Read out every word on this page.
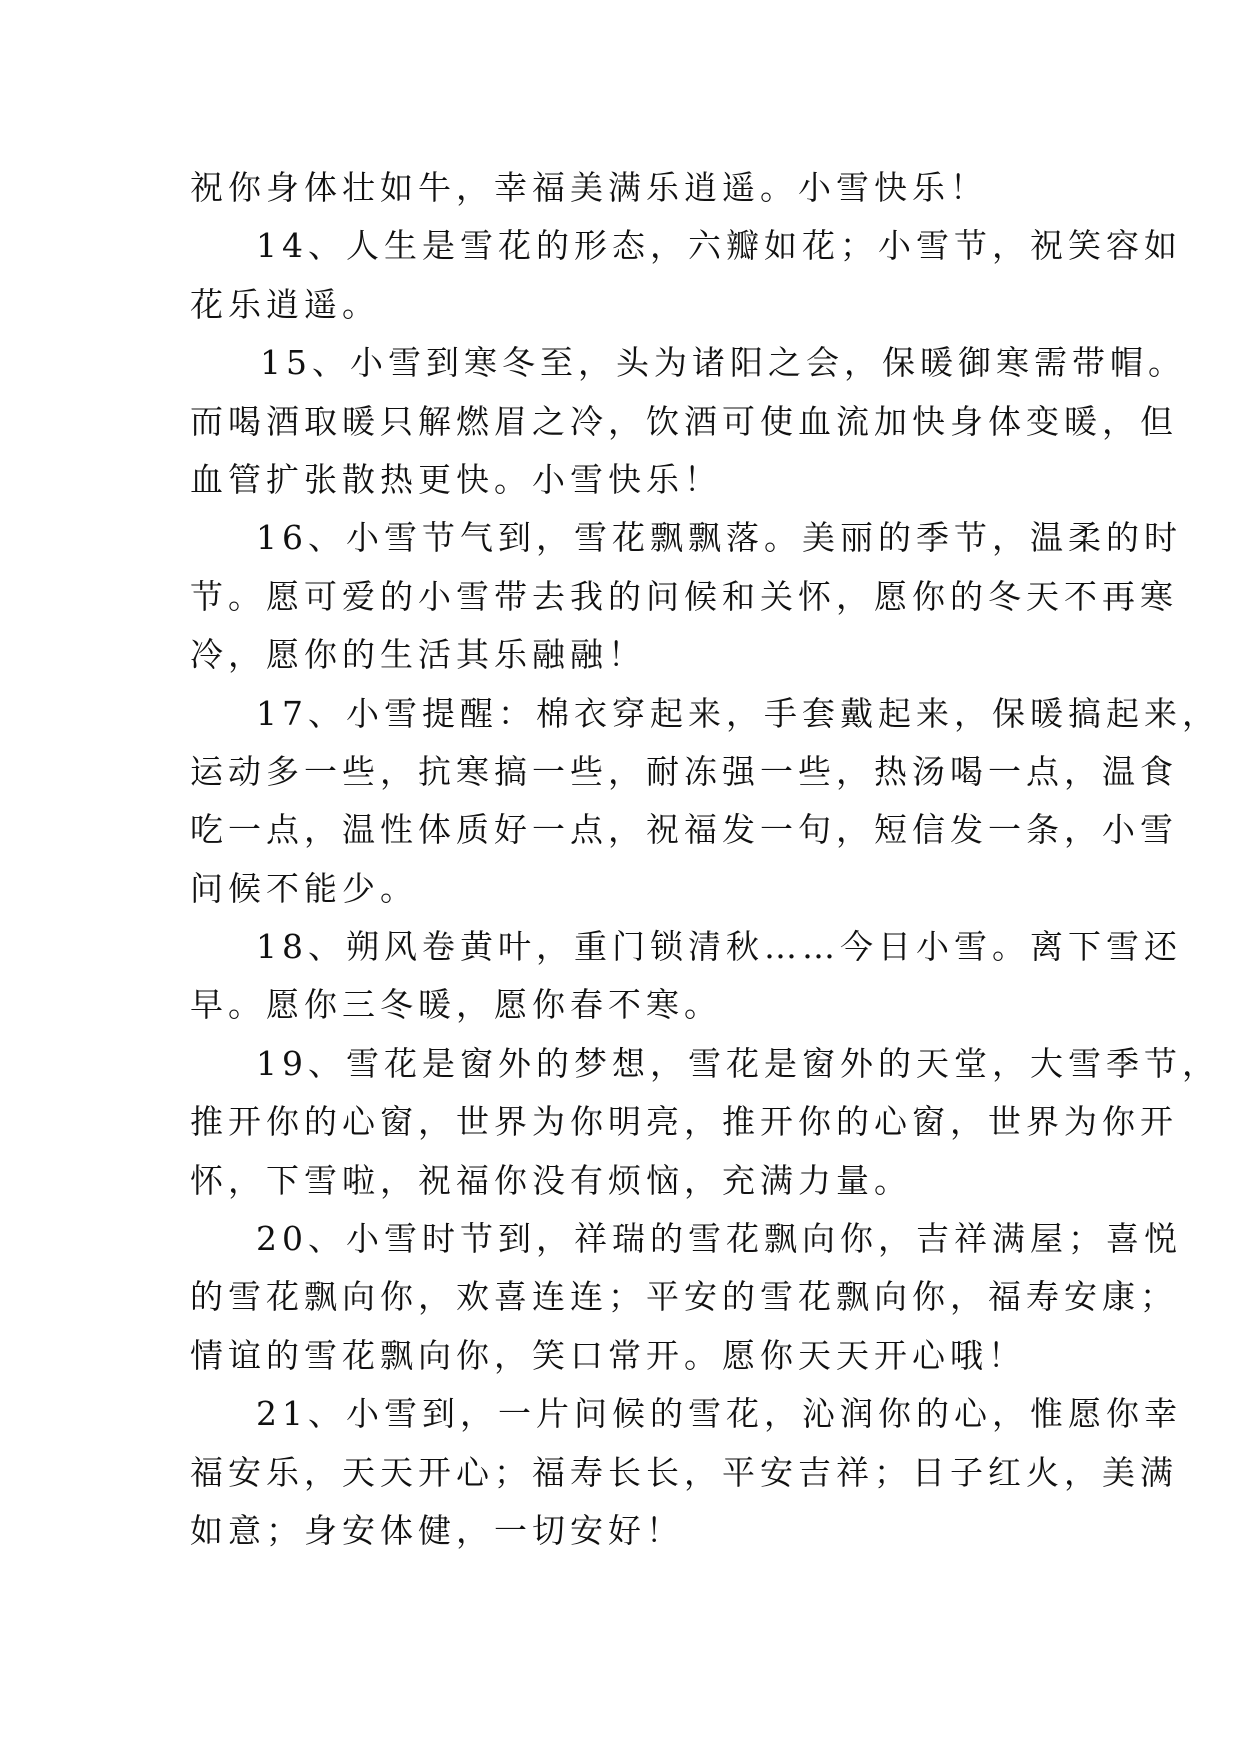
祝你身体壮如牛，幸福美满乐逍遥。小雪快乐！
14、人生是雪花的形态，六瓣如花；小雪节，祝笑容如
花乐逍遥。
15、小雪到寒冬至，头为诸阳之会，保暖御寒需带帽。
而喝酒取暖只解燃眉之冷，饮酒可使血流加快身体变暖，但
血管扩张散热更快。小雪快乐！
16、小雪节气到，雪花飘飘落。美丽的季节，温柔的时
节。愿可爱的小雪带去我的问候和关怀，愿你的冬天不再寒
冷，愿你的生活其乐融融！
17、小雪提醒：棉衣穿起来，手套戴起来，保暖搞起来，
运动多一些，抗寒搞一些，耐冻强一些，热汤喝一点，温食
吃一点，温性体质好一点，祝福发一句，短信发一条，小雪
问候不能少。
18、朔风卷黄叶，重门锁清秋……今日小雪。离下雪还
早。愿你三冬暖，愿你春不寒。
19、雪花是窗外的梦想，雪花是窗外的天堂，大雪季节，
推开你的心窗，世界为你明亮，推开你的心窗，世界为你开
怀，下雪啦，祝福你没有烦恼，充满力量。
20、小雪时节到，祥瑞的雪花飘向你，吉祥满屋；喜悦
的雪花飘向你，欢喜连连；平安的雪花飘向你，福寿安康；
情谊的雪花飘向你，笑口常开。愿你天天开心哦！
21、小雪到，一片问候的雪花，沁润你的心，惟愿你幸
福安乐，天天开心；福寿长长，平安吉祥；日子红火，美满
如意；身安体健，一切安好！
